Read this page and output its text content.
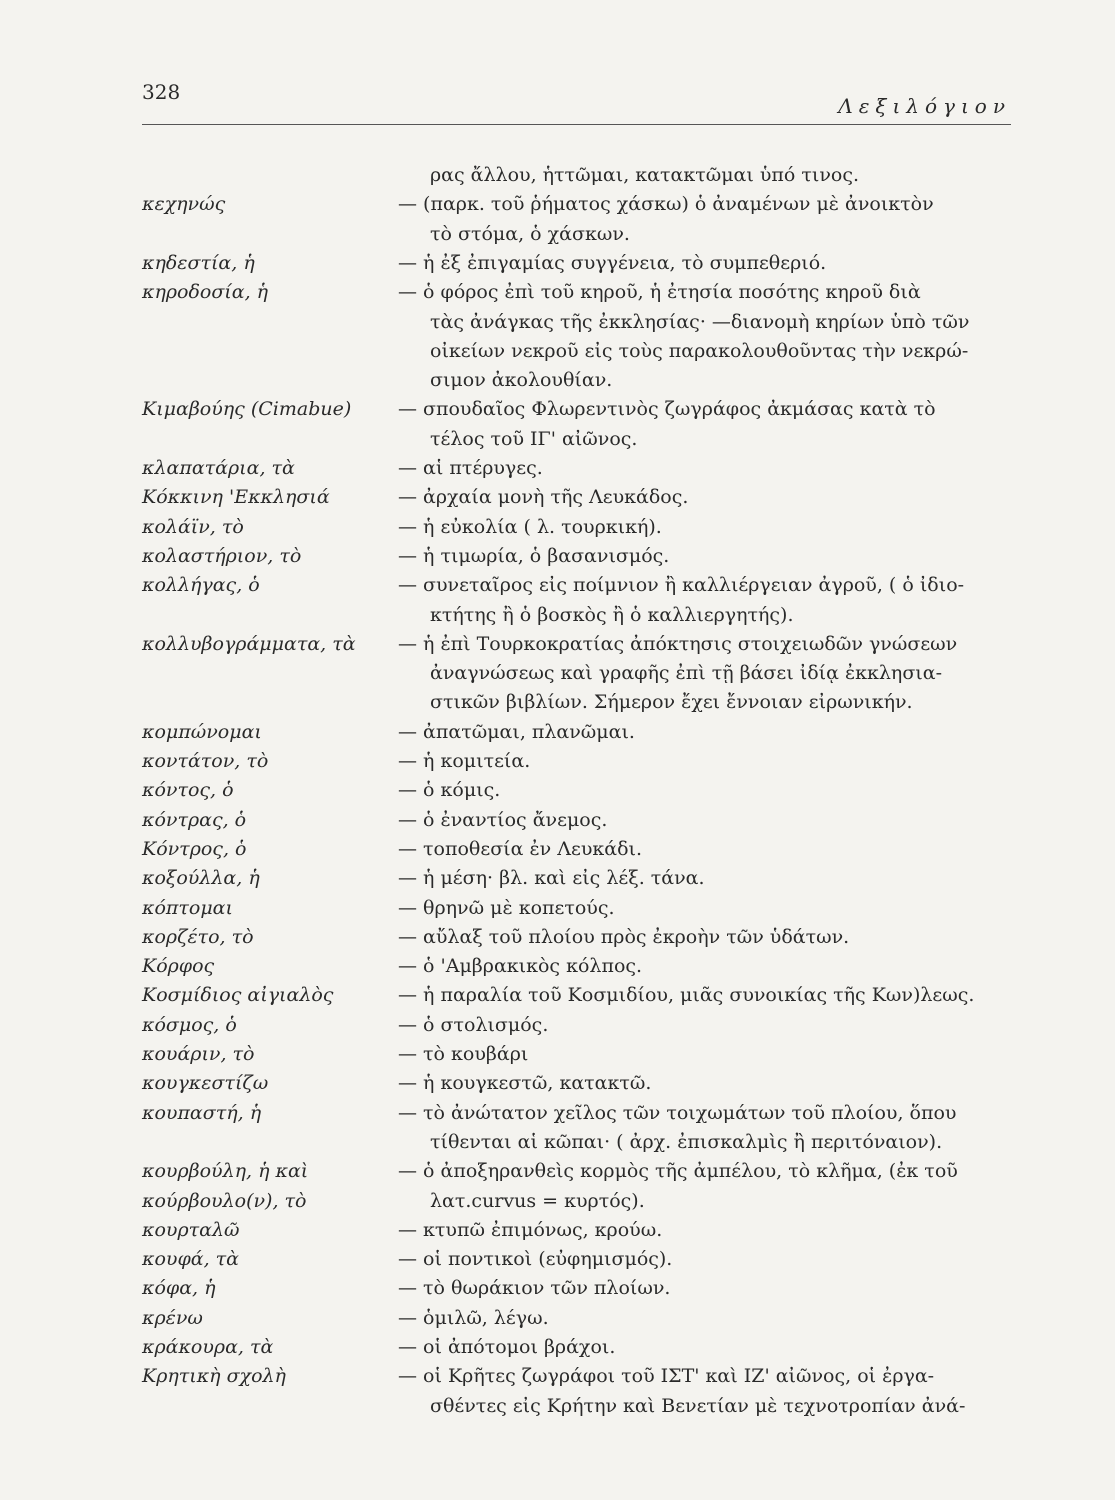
328
Λεξιλόγιον
ρας ἄλλου, ἡττῶμαι, κατακτῶμαι ὑπό τινος.
κεχηνώς	— (παρκ. τοῦ ῥήματος χάσκω) ὁ ἀναμένων μὲ ἀνοικτὸν
τὸ στόμα, ὁ χάσκων.
κηδεστία, ἡ	— ἡ ἐξ ἐπιγαμίας συγγένεια, τὸ συμπεθεριό.
κηροδοσία, ἡ	— ὁ φόρος ἐπὶ τοῦ κηροῦ, ἡ ἐτησία ποσότης κηροῦ διὰ
τὰς ἀνάγκας τῆς ἐκκλησίας· —διανομὴ κηρίων ὑπὸ τῶν
οἰκείων νεκροῦ εἰς τοὺς παρακολουθοῦντας τὴν νεκρώ-
σιμον ἀκολουθίαν.
Κιμαβούης (Cimabue) — σπουδαῖος Φλωρεντινὸς ζωγράφος ἀκμάσας κατὰ τὸ
τέλος τοῦ ΙΓ' αἰῶνος.
κλαπατάρια, τὰ	— αἱ πτέρυγες.
Κόκκινη 'Εκκλησιά	— ἀρχαία μονὴ τῆς Λευκάδος.
κολάϊν, τὸ	— ἡ εὐκολία ( λ. τουρκική).
κολαστήριον, τὸ	— ἡ τιμωρία, ὁ βασανισμός.
κολλήγας, ὁ	— συνεταῖρος εἰς ποίμνιον ἢ καλλιέργειαν ἀγροῦ, ( ὁ ἰδιο-
κτήτης ἢ ὁ βοσκὸς ἢ ὁ καλλιεργητής).
κολλυβογράμματα, τὰ — ἡ ἐπὶ Τουρκοκρατίας ἀπόκτησις στοιχειωδῶν γνώσεων
ἀναγνώσεως καὶ γραφῆς ἐπὶ τῇ βάσει ἰδίᾳ ἐκκλησια-
στικῶν βιβλίων. Σήμερον ἔχει ἔννοιαν εἰρωνικήν.
κομπώνομαι	— ἀπατῶμαι, πλανῶμαι.
κοντάτον, τὸ	— ἡ κομιτεία.
κόντος, ὁ	— ὁ κόμις.
κόντρας, ὁ	— ὁ ἐναντίος ἄνεμος.
Κόντρος, ὁ	— τοποθεσία ἐν Λευκάδι.
κοξούλλα, ἡ	— ἡ μέση· βλ. καὶ εἰς λέξ. τάνα.
κόπτομαι	— θρηνῶ μὲ κοπετούς.
κορζέτο, τὸ	— αὔλαξ τοῦ πλοίου πρὸς ἐκροὴν τῶν ὑδάτων.
Κόρφος	— ὁ 'Αμβρακικὸς κόλπος.
Κοσμίδιος αἰγιαλὸς	— ἡ παραλία τοῦ Κοσμιδίου, μιᾶς συνοικίας τῆς Κων)λεως.
κόσμος, ὁ	— ὁ στολισμός.
κουάριν, τὸ	— τὸ κουβάρι
κουγκεστίζω	— ἡ κουγκεστῶ, κατακτῶ.
κουπαστή, ἡ	— τὸ ἀνώτατον χεῖλος τῶν τοιχωμάτων τοῦ πλοίου, ὅπου
τίθενται αἱ κῶπαι· ( ἀρχ. ἐπισκαλμὶς ἢ περιτόναιον).
κουρβούλη, ἡ καὶ	— ὁ ἀποξηρανθεὶς κορμὸς τῆς ἀμπέλου, τὸ κλῆμα, (ἐκ τοῦ
κούρβουλο(ν), τὸ	λατ.curvus = κυρτός).
κουρταλῶ	— κτυπῶ ἐπιμόνως, κρούω.
κουφά, τὰ	— οἱ ποντικοὶ (εὐφημισμός).
κόφα, ἡ	— τὸ θωράκιον τῶν πλοίων.
κρένω	— ὁμιλῶ, λέγω.
κράκουρα, τὰ	— οἱ ἀπότομοι βράχοι.
Κρητικὴ σχολὴ	— οἱ Κρῆτες ζωγράφοι τοῦ ΙΣΤ' καὶ ΙΖ' αἰῶνος, οἱ ἐργα-
σθέντες εἰς Κρήτην καὶ Βενετίαν μὲ τεχνοτροπίαν ἀνά-
